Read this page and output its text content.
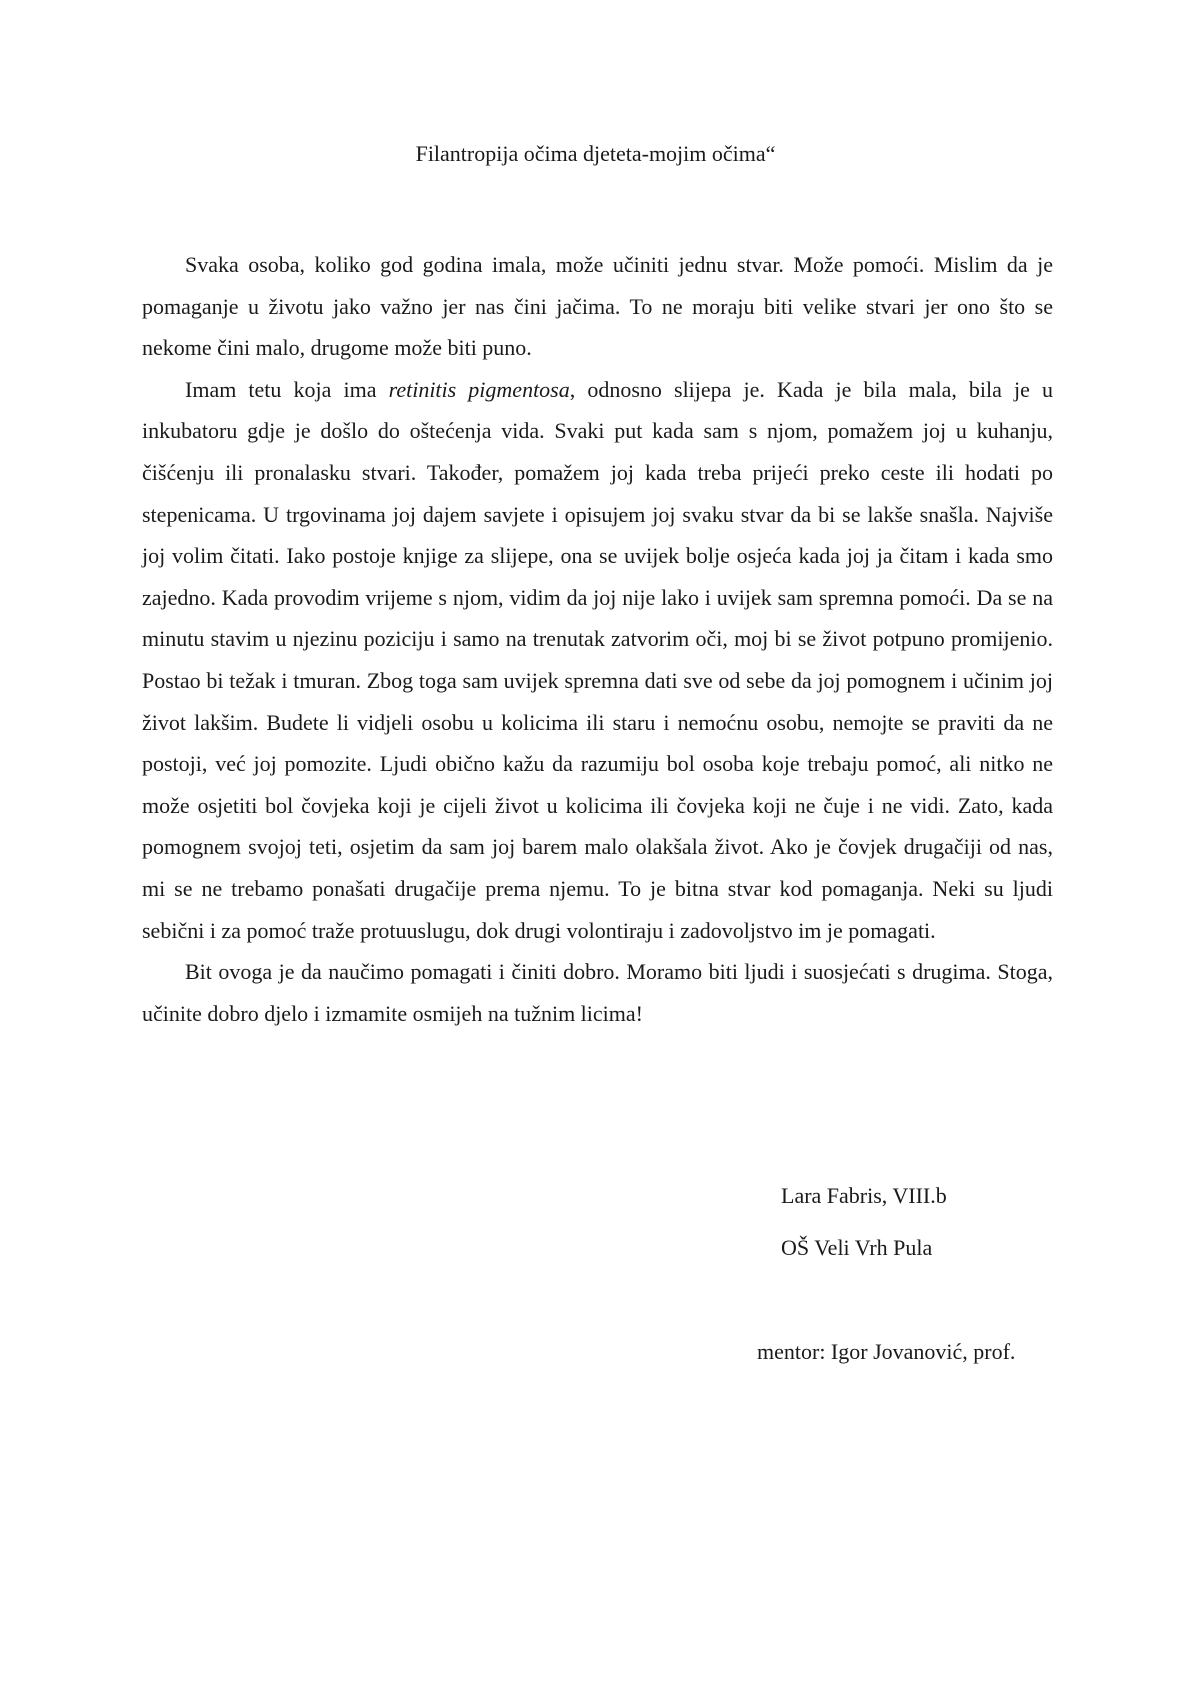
Filantropija očima djeteta-mojim očima“

Svaka osoba, koliko god godina imala, može učiniti jednu stvar. Može pomoći. Mislim da je pomaganje u životu jako važno jer nas čini jačima. To ne moraju biti velike stvari jer ono što se nekome čini malo, drugome može biti puno.

Imam tetu koja ima retinitis pigmentosa, odnosno slijepa je. Kada je bila mala, bila je u inkubatoru gdje je došlo do oštećenja vida. Svaki put kada sam s njom, pomažem joj u kuhanju, čišćenju ili pronalasku stvari. Također, pomažem joj kada treba prijeći preko ceste ili hodati po stepenicama. U trgovinama joj dajem savjete i opisujem joj svaku stvar da bi se lakše snašla. Najviše joj volim čitati. Iako postoje knjige za slijepe, ona se uvijek bolje osjeća kada joj ja čitam i kada smo zajedno. Kada provodim vrijeme s njom, vidim da joj nije lako i uvijek sam spremna pomoći. Da se na minutu stavim u njezinu poziciju i samo na trenutak zatvorim oči, moj bi se život potpuno promijenio. Postao bi težak i tmuran. Zbog toga sam uvijek spremna dati sve od sebe da joj pomognem i učinim joj život lakšim. Budete li vidjeli osobu u kolicima ili staru i nemoćnu osobu, nemojte se praviti da ne postoji, već joj pomozite. Ljudi obično kažu da razumiju bol osoba koje trebaju pomoć, ali nitko ne može osjetiti bol čovjeka koji je cijeli život u kolicima ili čovjeka koji ne čuje i ne vidi. Zato, kada pomognem svojoj teti, osjetim da sam joj barem malo olakšala život. Ako je čovjek drugačiji od nas, mi se ne trebamo ponašati drugačije prema njemu. To je bitna stvar kod pomaganja. Neki su ljudi sebični i za pomoć traže protuuslugu, dok drugi volontiraju i zadovoljstvo im je pomagati.

Bit ovoga je da naučimo pomagati i činiti dobro. Moramo biti ljudi i suosjećati s drugima. Stoga, učinite dobro djelo i izmamite osmijeh na tužnim licima!

Lara Fabris, VIII.b

OŠ Veli Vrh Pula

mentor: Igor Jovanović, prof.
